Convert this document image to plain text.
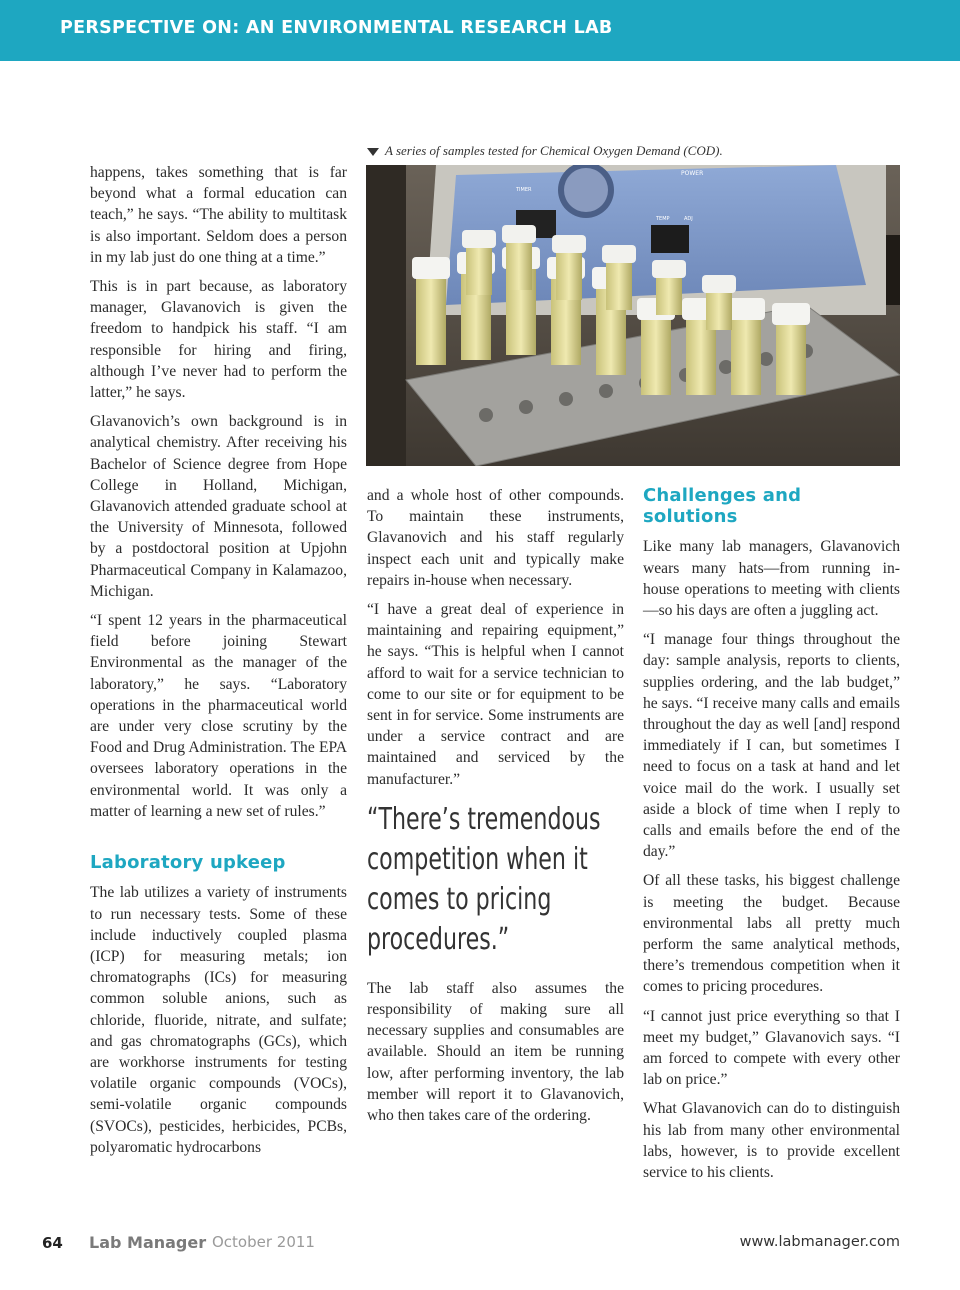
PERSPECTIVE ON: AN ENVIRONMENTAL RESEARCH LAB
A series of samples tested for Chemical Oxygen Demand (COD).
POWER
TIMER
TEMP	ADJ

happens, takes something that is far beyond what a formal education can teach,” he says. “The ability to multitask is also important. Seldom does a person in my lab just do one thing at a time.”

This is in part because, as laboratory manager, Glavanovich is given the freedom to handpick his staff. “I am responsible for hiring and firing, although I’ve never had to perform the latter,” he says.

Glavanovich’s own background is in analytical chemistry. After receiving his Bachelor of Science degree from Hope College in Holland, Michigan, Glavanovich attended graduate school at the University of Minnesota, followed by a postdoctoral position at Upjohn Pharmaceutical Company in Kalamazoo, Michigan.

“I spent 12 years in the pharmaceutical field before joining Stewart Environmental as the manager of the laboratory,” he says. “Laboratory operations in the pharmaceutical world are under very close scrutiny by the Food and Drug Administration. The EPA oversees laboratory operations in the environmental world. It was only a matter of learning a new set of rules.”

Laboratory upkeep

The lab utilizes a variety of instruments to run necessary tests. Some of these include inductively coupled plasma (ICP) for measuring metals; ion chromatographs (ICs) for measuring common soluble anions, such as chloride, fluoride, nitrate, and sulfate; and gas chromatographs (GCs), which are workhorse instruments for testing volatile organic compounds (VOCs), semi-volatile organic compounds (SVOCs), pesticides, herbicides, PCBs, polyaromatic hydrocarbons

and a whole host of other compounds. To maintain these instruments, Glavanovich and his staff regularly inspect each unit and typically make repairs in-house when necessary.

“I have a great deal of experience in maintaining and repairing equipment,” he says. “This is helpful when I cannot afford to wait for a service technician to come to our site or for equipment to be sent in for service. Some instruments are under a service contract and are maintained and serviced by the manufacturer.”

“There’s tremendous competition when it comes to pricing procedures.”

The lab staff also assumes the responsibility of making sure all necessary supplies and consumables are available. Should an item be running low, after performing inventory, the lab member will report it to Glavanovich, who then takes care of the ordering.

Challenges and solutions

Like many lab managers, Glavanovich wears many hats—from running in-house operations to meeting with clients—so his days are often a juggling act.

“I manage four things throughout the day: sample analysis, reports to clients, supplies ordering, and the lab budget,” he says. “I receive many calls and emails throughout the day as well [and] respond immediately if I can, but sometimes I need to focus on a task at hand and let voice mail do the work. I usually set aside a block of time when I reply to calls and emails before the end of the day.”

Of all these tasks, his biggest challenge is meeting the budget. Because environmental labs all pretty much perform the same analytical methods, there’s tremendous competition when it comes to pricing procedures.

“I cannot just price everything so that I meet my budget,” Glavanovich says. “I am forced to compete with every other lab on price.”

What Glavanovich can do to distinguish his lab from many other environmental labs, however, is to provide excellent service to his clients.

64 Lab Manager October 2011	www.labmanager.com
